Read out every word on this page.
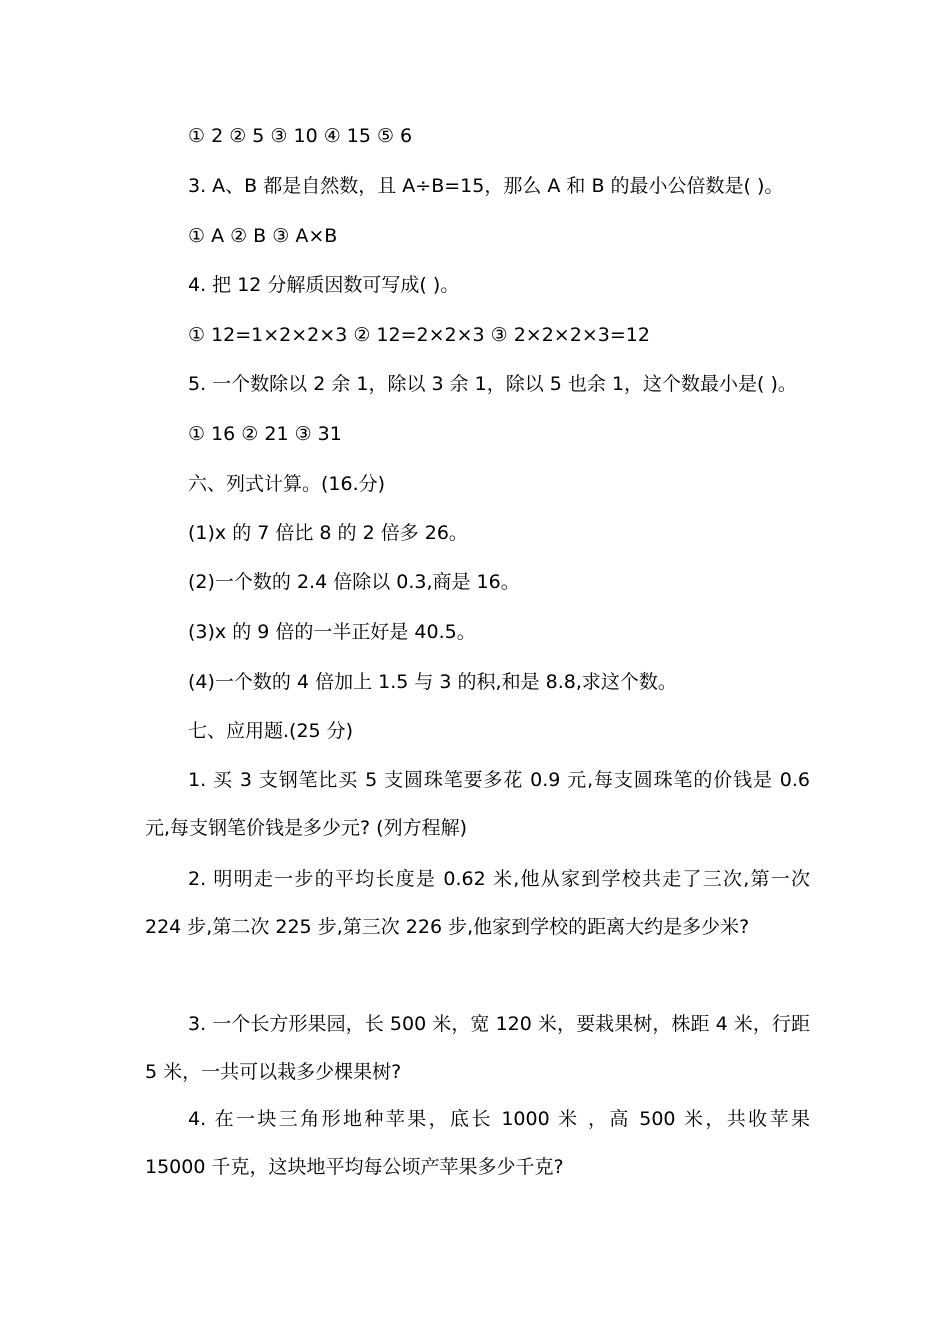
① 2 ② 5 ③ 10 ④ 15 ⑤ 6
3. A、B 都是自然数，且 A÷B=15，那么 A 和 B 的最小公倍数是( )。
① A ② B ③ A×B
4. 把 12 分解质因数可写成( )。
① 12=1×2×2×3 ② 12=2×2×3 ③ 2×2×2×3=12
5. 一个数除以 2 余 1，除以 3 余 1，除以 5 也余 1，这个数最小是( )。
① 16 ② 21 ③ 31
六、列式计算。(16.分)
(1)x 的 7 倍比 8 的 2 倍多 26。
(2)一个数的 2.4 倍除以 0.3,商是 16。
(3)x 的 9 倍的一半正好是 40.5。
(4)一个数的 4 倍加上 1.5 与 3 的积,和是 8.8,求这个数。
七、应用题.(25 分)
1. 买 3 支钢笔比买 5 支圆珠笔要多花 0.9 元,每支圆珠笔的价钱是 0.6 元,每支钢笔价钱是多少元? (列方程解)
2. 明明走一步的平均长度是 0.62 米,他从家到学校共走了三次,第一次 224 步,第二次 225 步,第三次 226 步,他家到学校的距离大约是多少米?
3. 一个长方形果园，长 500 米，宽 120 米，要栽果树，株距 4 米，行距 5 米，一共可以栽多少棵果树?
4. 在一块三角形地种苹果，底长 1000 米 ，高 500 米，共收苹果 15000 千克，这块地平均每公顷产苹果多少千克?
